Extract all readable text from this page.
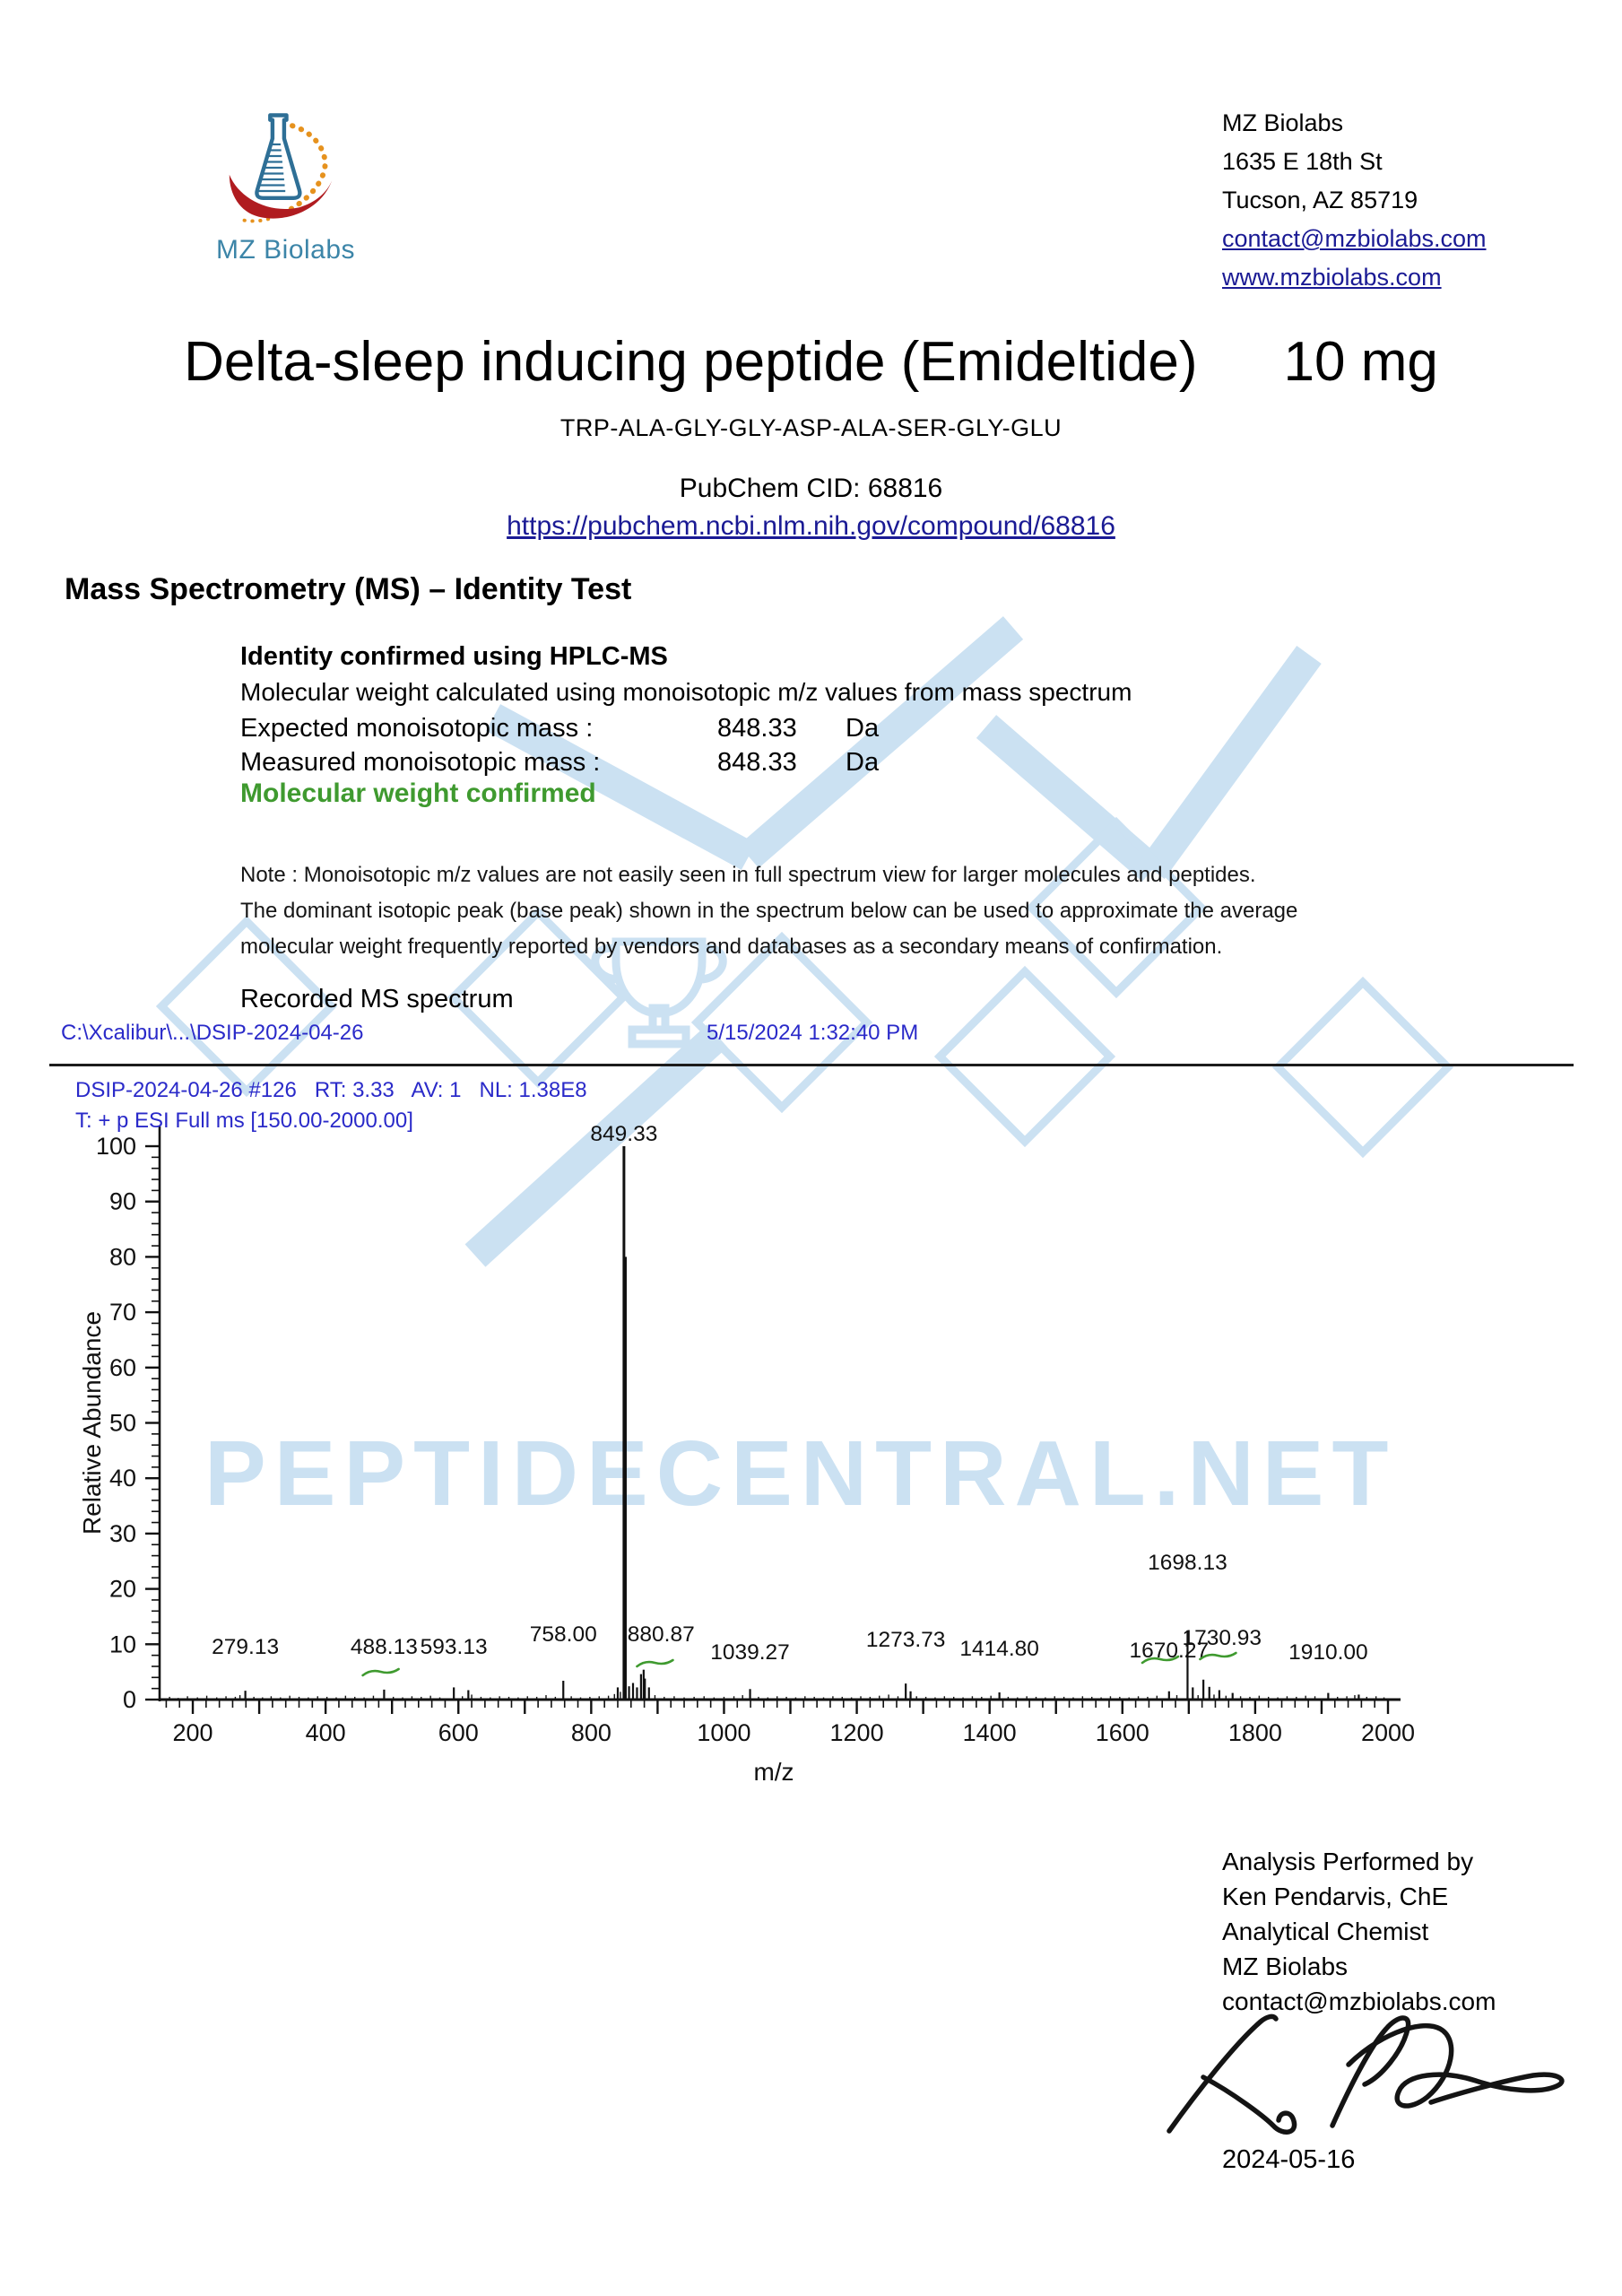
PEPTIDECENTRAL.NET
0
10
20
30
40
50
60
70
80
90
100
Relative Abundance
200	400	600	800	1000	1200	1400	1600	1800	2000
m/z
279.13	488.13 593.13
758.00
849.33
880.87
1039.27
1273.73 1414.80	1670.27
1698.13
1730.93
1910.00
MZ Biolabs
MZ Biolabs
1635 E 18th St
Tucson, AZ 85719
contact@mzbiolabs.com
www.mzbiolabs.com
Delta-sleep inducing peptide (Emideltide) 10 mg
TRP-ALA-GLY-GLY-ASP-ALA-SER-GLY-GLU
PubChem CID: 68816
https://pubchem.ncbi.nlm.nih.gov/compound/68816
Mass Spectrometry (MS) – Identity Test
Identity confirmed using HPLC-MS
Molecular weight calculated using monoisotopic m/z values from mass spectrum
Expected monoisotopic mass :	848.33 Da
Measured monoisotopic mass :	848.33 Da
Molecular weight confirmed
Note : Monoisotopic m/z values are not easily seen in full spectrum view for larger molecules and peptides.
The dominant isotopic peak (base peak) shown in the spectrum below can be used to approximate the average
molecular weight frequently reported by vendors and databases as a secondary means of confirmation.
Recorded MS spectrum
C:\Xcalibur\...\DSIP-2024-04-26	5/15/2024 1:32:40 PM
DSIP-2024-04-26 #126   RT: 3.33   AV: 1   NL: 1.38E8
T: + p ESI Full ms [150.00-2000.00]
Analysis Performed by
Ken Pendarvis, ChE
Analytical Chemist
MZ Biolabs
contact@mzbiolabs.com
2024-05-16
